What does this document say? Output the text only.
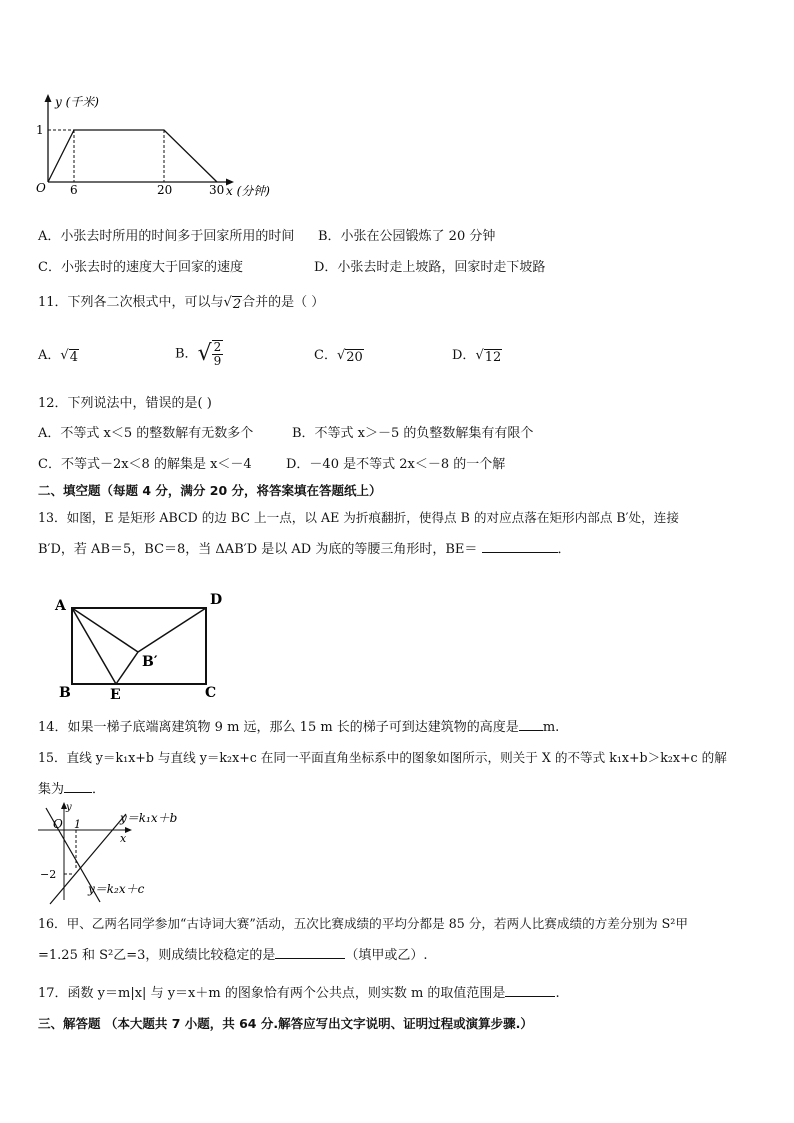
y (千米)
x (分钟)
O
1
6	20	30
A．小张去时所用的时间多于回家所用的时间 B．小张在公园锻炼了 20 分钟
C．小张去时的速度大于回家的速度	D．小张去时走上坡路，回家时走下坡路
11．下列各二次根式中，可以与√ 2 合并的是（ ）
A．√ 4	B．√ $\frac{2}{9}$	C．√ 20	D．√ 12
12．下列说法中，错误的是( )
A．不等式 x＜5 的整数解有无数多个	B．不等式 x＞－5 的负整数解集有有限个
C．不等式－2x＜8 的解集是 x＜－4	D．－40 是不等式 2x＜－8 的一个解
二、填空题（每题 4 分，满分 20 分，将答案填在答题纸上）
13．如图，E 是矩形 ABCD 的边 BC 上一点，以 AE 为折痕翻折，使得点 B 的对应点落在矩形内部点 B′处，连接
B′D，若 AB＝5，BC＝8，当 ΔAB′D 是以 AD 为底的等腰三角形时，BE＝	．
A	D
B′
B	E	C
14．如果一梯子底端离建筑物 9 m 远，那么 15 m 长的梯子可到达建筑物的高度是 m.
15．直线 y＝k₁x+b 与直线 y＝k₂x+c 在同一平面直角坐标系中的图象如图所示，则关于 X 的不等式 k₁x+b＞k₂x+c 的解
集为 ．
y
O 1
x
−2
y＝k₁x＋b
y＝k₂x＋c
16．甲、乙两名同学参加“古诗词大赛”活动，五次比赛成绩的平均分都是 85 分，若两人比赛成绩的方差分别为 S²甲
=1.25 和 S²乙=3，则成绩比较稳定的是	（填甲或乙）.
17．函数 y＝m|x| 与 y＝x＋m 的图象恰有两个公共点，则实数 m 的取值范围是	.
三、解答题 （本大题共 7 小题，共 64 分.解答应写出文字说明、证明过程或演算步骤.）
